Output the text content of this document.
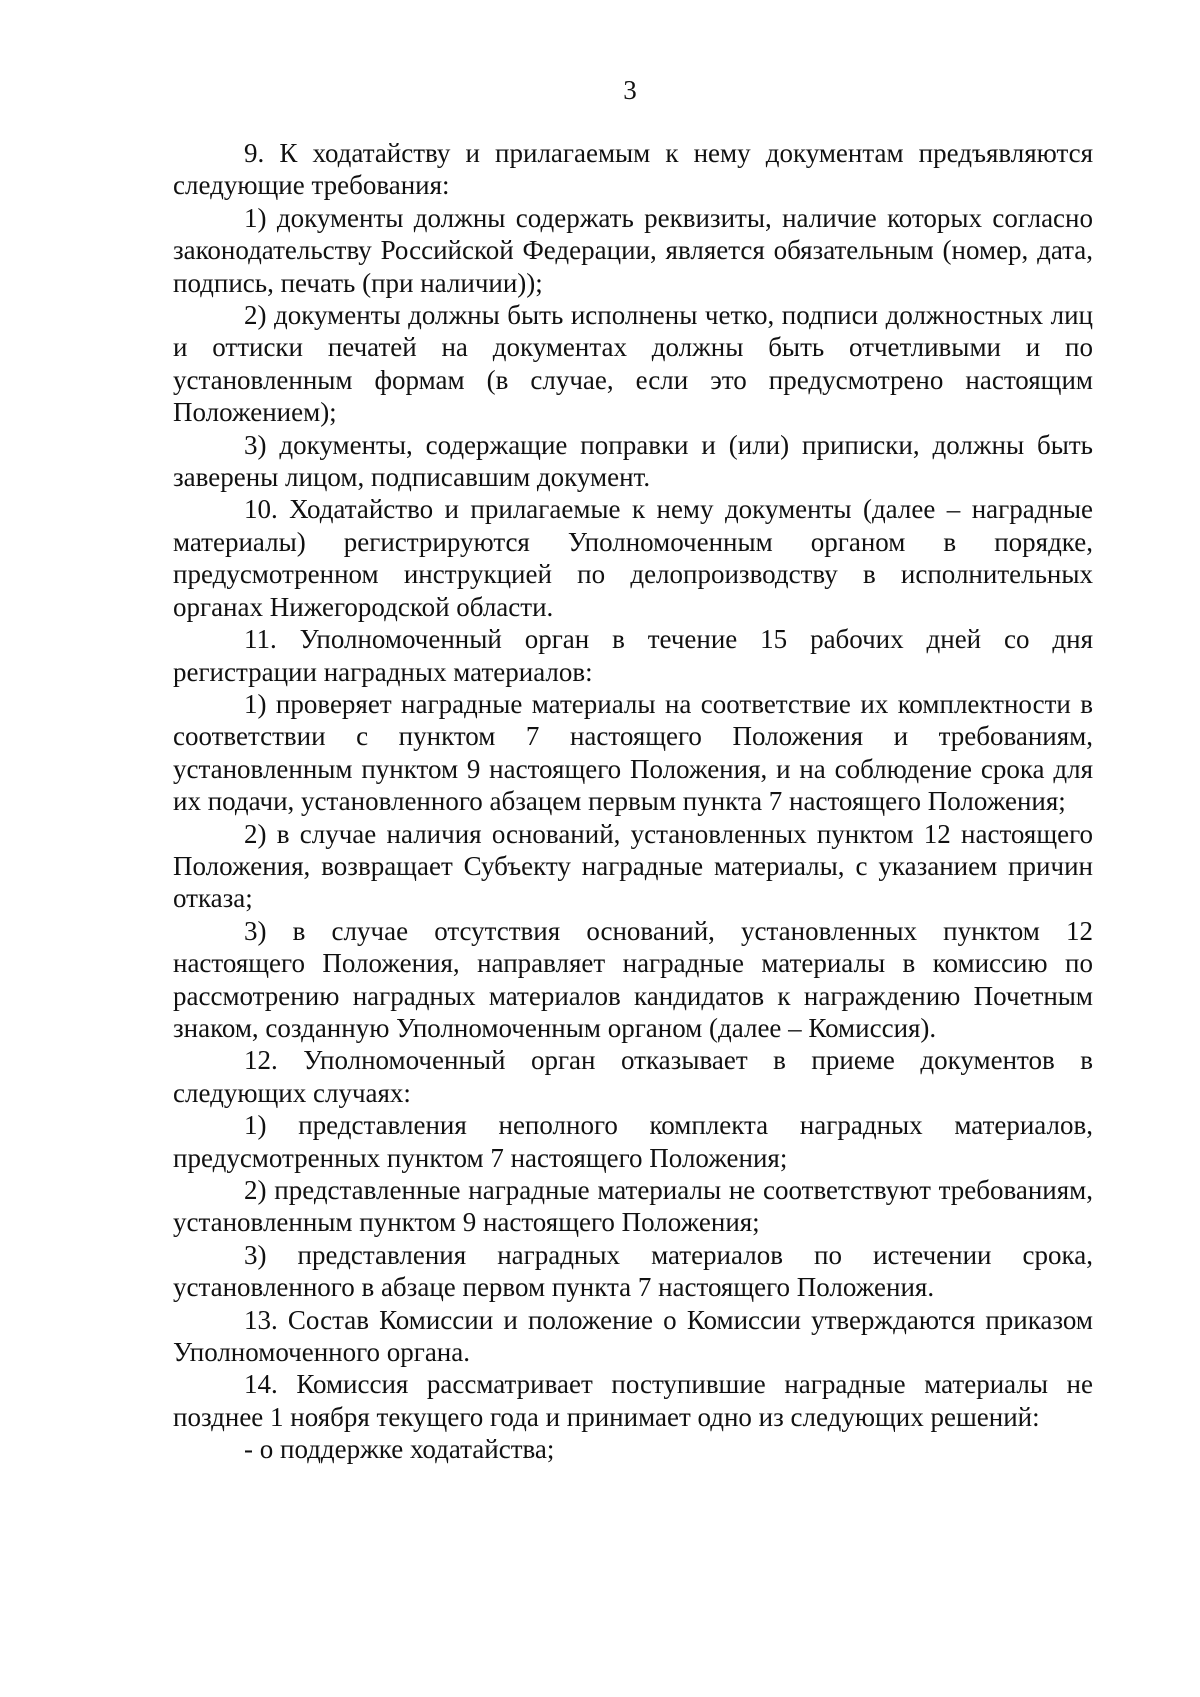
3

9. К ходатайству и прилагаемым к нему документам предъявляются следующие требования:

1) документы должны содержать реквизиты, наличие которых согласно законодательству Российской Федерации, является обязательным (номер, дата, подпись, печать (при наличии));

2) документы должны быть исполнены четко, подписи должностных лиц и оттиски печатей на документах должны быть отчетливыми и по установленным формам (в случае, если это предусмотрено настоящим Положением);

3) документы, содержащие поправки и (или) приписки, должны быть заверены лицом, подписавшим документ.

10. Ходатайство и прилагаемые к нему документы (далее – наградные материалы) регистрируются Уполномоченным органом в порядке, предусмотренном инструкцией по делопроизводству в исполнительных органах Нижегородской области.

11. Уполномоченный орган в течение 15 рабочих дней со дня регистрации наградных материалов:

1) проверяет наградные материалы на соответствие их комплектности в соответствии с пунктом 7 настоящего Положения и требованиям, установленным пунктом 9 настоящего Положения, и на соблюдение срока для их подачи, установленного абзацем первым пункта 7 настоящего Положения;

2) в случае наличия оснований, установленных пунктом 12 настоящего Положения, возвращает Субъекту наградные материалы, с указанием причин отказа;

3) в случае отсутствия оснований, установленных пунктом 12 настоящего Положения, направляет наградные материалы в комиссию по рассмотрению наградных материалов кандидатов к награждению Почетным знаком, созданную Уполномоченным органом (далее – Комиссия).

12. Уполномоченный орган отказывает в приеме документов в следующих случаях:

1) представления неполного комплекта наградных материалов, предусмотренных пунктом 7 настоящего Положения;

2) представленные наградные материалы не соответствуют требованиям, установленным пунктом 9 настоящего Положения;

3) представления наградных материалов по истечении срока, установленного в абзаце первом пункта 7 настоящего Положения.

13. Состав Комиссии и положение о Комиссии утверждаются приказом Уполномоченного органа.

14. Комиссия рассматривает поступившие наградные материалы не позднее 1 ноября текущего года и принимает одно из следующих решений:

- о поддержке ходатайства;
